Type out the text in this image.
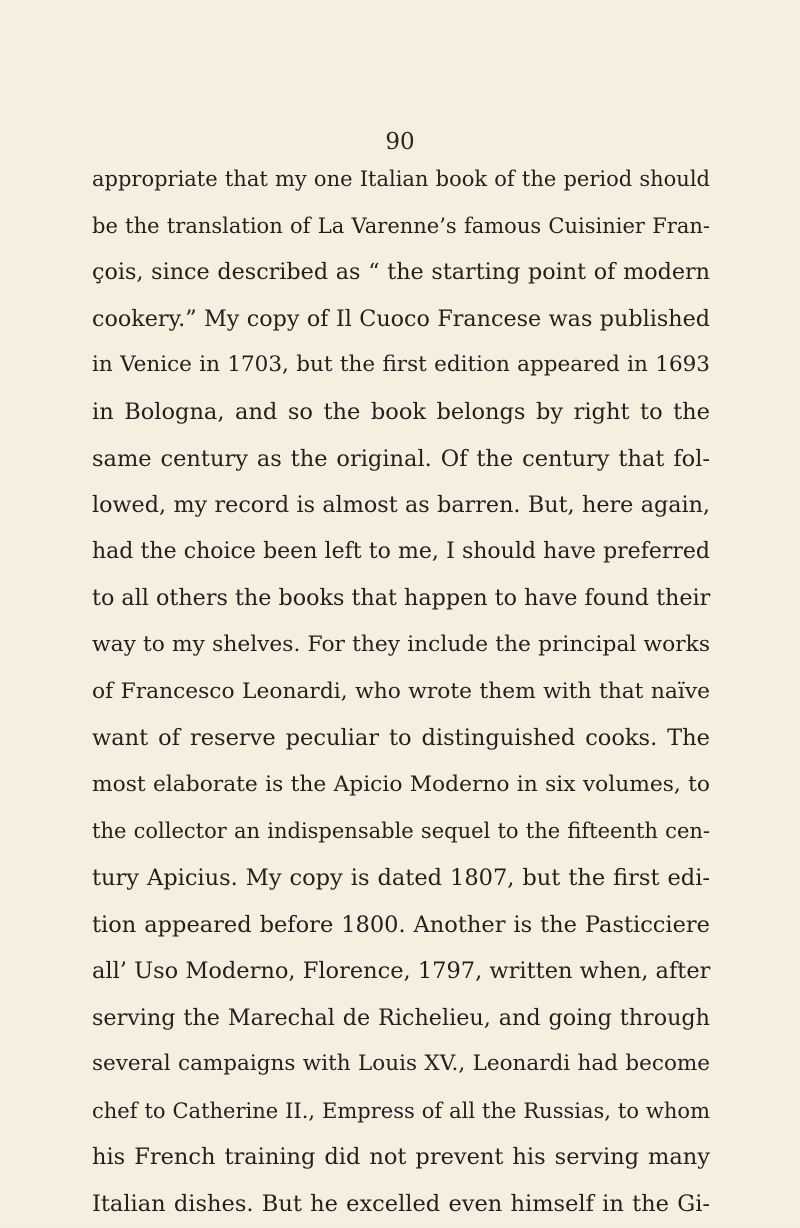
90
appropriate that my one Italian book of the period should
be the translation of La Varenne’s famous Cuisinier Fran-
çois, since described as “ the starting point of modern
cookery.” My copy of Il Cuoco Francese was published
in Venice in 1703, but the first edition appeared in 1693
in Bologna, and so the book belongs by right to the
same century as the original. Of the century that fol-
lowed, my record is almost as barren. But, here again,
had the choice been left to me, I should have preferred
to all others the books that happen to have found their
way to my shelves. For they include the principal works
of Francesco Leonardi, who wrote them with that naïve
want of reserve peculiar to distinguished cooks. The
most elaborate is the Apicio Moderno in six volumes, to
the collector an indispensable sequel to the fifteenth cen-
tury Apicius. My copy is dated 1807, but the first edi-
tion appeared before 1800. Another is the Pasticciere
all’ Uso Moderno, Florence, 1797, written when, after
serving the Marechal de Richelieu, and going through
several campaigns with Louis XV., Leonardi had become
chef to Catherine II., Empress of all the Russias, to whom
his French training did not prevent his serving many
Italian dishes. But he excelled even himself in the Gi-
